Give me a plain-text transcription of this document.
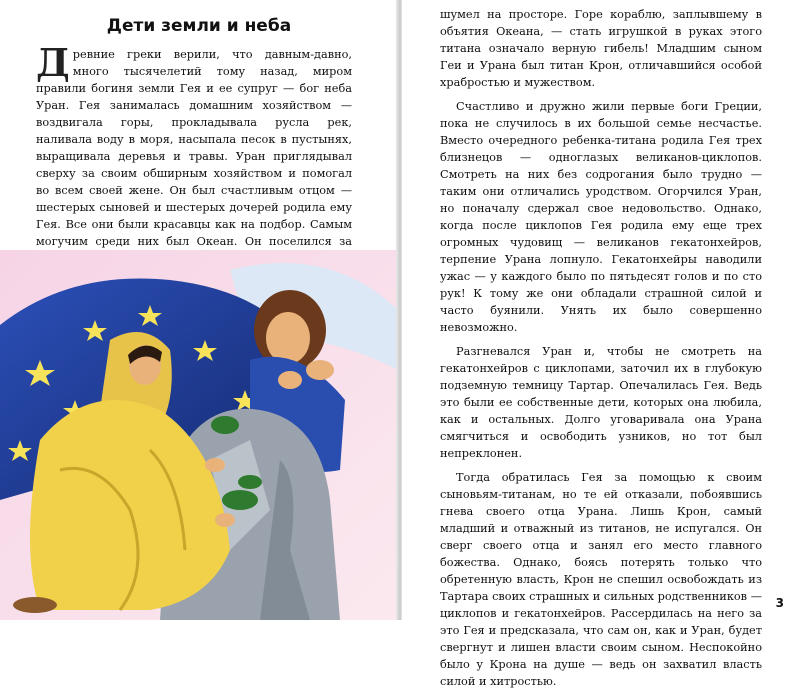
Дети земли и неба
Древние греки верили, что давным-давно, много тысячелетий тому назад, миром правили богиня земли Гея и ее супруг — бог неба Уран. Гея занималась домашним хозяйством — воздвигала горы, прокладывала русла рек, наливала воду в моря, насыпала песок в пустынях, выращивала деревья и травы. Уран приглядывал сверху за своим обширным хозяйством и помогал во всем своей жене. Он был счастливым отцом — шестерых сыновей и шестерых дочерей родила ему Гея. Все они были красавцы как на подбор. Самым могучим среди них был Океан. Он поселился за

шумел на просторе. Горе кораблю, заплывшему в объятия Океана, — стать игрушкой в руках этого титана означало верную гибель! Младшим сыном Геи и Урана был титан Крон, отличавшийся особой храбростью и мужеством.

Счастливо и дружно жили первые боги Греции, пока не случилось в их большой семье несчастье. Вместо очередного ребенка-титана родила Гея трех близнецов — одноглазых великанов-циклопов. Смотреть на них без содрогания было трудно — таким они отличались уродством. Огорчился Уран, но поначалу сдержал свое недовольство. Однако, когда после циклопов Гея родила ему еще трех огромных чудовищ — великанов гекатонхейров, терпение Урана лопнуло. Гекатонхейры наводили ужас — у каждого было по пятьдесят голов и по сто рук! К тому же они обладали страшной силой и часто буянили. Унять их было совершенно невозможно.

Разгневался Уран и, чтобы не смотреть на гекатонхейров с циклопами, заточил их в глубокую подземную темницу Тартар. Опечалилась Гея. Ведь это были ее собственные дети, которых она любила, как и остальных. Долго уговаривала она Урана смягчиться и освободить узников, но тот был непреклонен.

Тогда обратилась Гея за помощью к своим сыновьям-титанам, но те ей отказали, побоявшись гнева своего отца Урана. Лишь Крон, самый младший и отважный из титанов, не испугался. Он сверг своего отца и занял его место главного божества. Однако, боясь потерять только что обретенную власть, Крон не спешил освобождать из Тартара своих страшных и сильных родственников — циклопов и гекатонхейров. Рассердилась на него за это Гея и предсказала, что сам он, как и Уран, будет свергнут и лишен власти своим сыном. Неспокойно было у Крона на душе — ведь он захватил власть силой и хитростью.

3
